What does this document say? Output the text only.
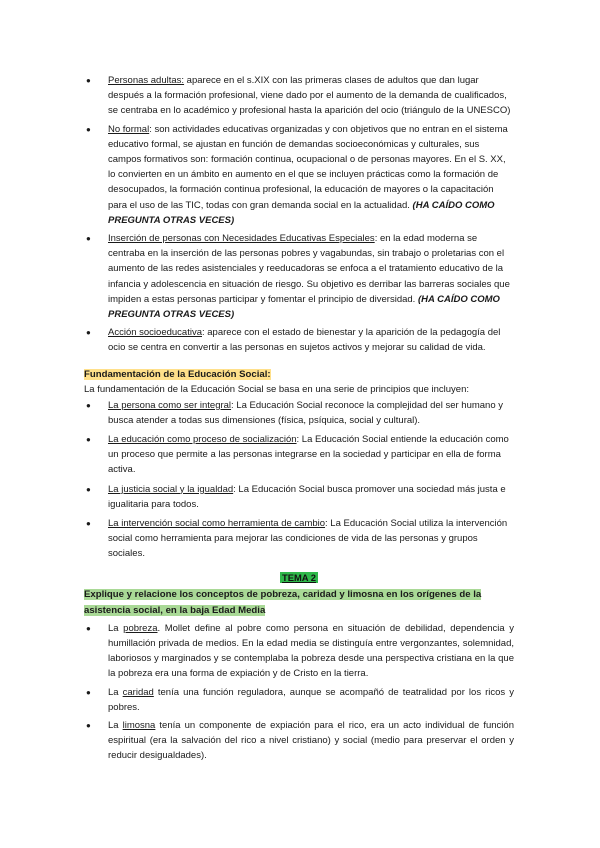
● Personas adultas: aparece en el s.XIX con las primeras clases de adultos que dan lugar después a la formación profesional, viene dado por el aumento de la demanda de cualificados, se centraba en lo académico y profesional hasta la aparición del ocio (triángulo de la UNESCO)
● No formal: son actividades educativas organizadas y con objetivos que no entran en el sistema educativo formal, se ajustan en función de demandas socioeconómicas y culturales, sus campos formativos son: formación continua, ocupacional o de personas mayores. En el S. XX, lo convierten en un ámbito en aumento en el que se incluyen prácticas como la formación de desocupados, la formación continua profesional, la educación de mayores o la capacitación para el uso de las TIC, todas con gran demanda social en la actualidad. (HA CAÍDO COMO PREGUNTA OTRAS VECES)
● Inserción de personas con Necesidades Educativas Especiales: en la edad moderna se centraba en la inserción de las personas pobres y vagabundas, sin trabajo o proletarias con el aumento de las redes asistenciales y reeducadoras se enfoca a el tratamiento educativo de la infancia y adolescencia en situación de riesgo. Su objetivo es derribar las barreras sociales que impiden a estas personas participar y fomentar el principio de diversidad. (HA CAÍDO COMO PREGUNTA OTRAS VECES)
● Acción socioeducativa: aparece con el estado de bienestar y la aparición de la pedagogía del ocio se centra en convertir a las personas en sujetos activos y mejorar su calidad de vida.
Fundamentación de la Educación Social:

La fundamentación de la Educación Social se basa en una serie de principios que incluyen:

● La persona como ser integral: La Educación Social reconoce la complejidad del ser humano y busca atender a todas sus dimensiones (física, psíquica, social y cultural).
● La educación como proceso de socialización: La Educación Social entiende la educación como un proceso que permite a las personas integrarse en la sociedad y participar en ella de forma activa.
● La justicia social y la igualdad: La Educación Social busca promover una sociedad más justa e igualitaria para todos.
● La intervención social como herramienta de cambio: La Educación Social utiliza la intervención social como herramienta para mejorar las condiciones de vida de las personas y grupos sociales.
TEMA 2

Explique y relacione los conceptos de pobreza, caridad y limosna en los orígenes de la asistencia social, en la baja Edad Media

● La pobreza. Mollet define al pobre como persona en situación de debilidad, dependencia y humillación privada de medios. En la edad media se distinguía entre vergonzantes, solemnidad, laboriosos y marginados y se contemplaba la pobreza desde una perspectiva cristiana en la que la pobreza era una forma de expiación y de Cristo en la tierra.
● La caridad tenía una función reguladora, aunque se acompañó de teatralidad por los ricos y pobres.
● La limosna tenía un componente de expiación para el rico, era un acto individual de función espiritual (era la salvación del rico a nivel cristiano) y social (medio para preservar el orden y reducir desigualdades).
